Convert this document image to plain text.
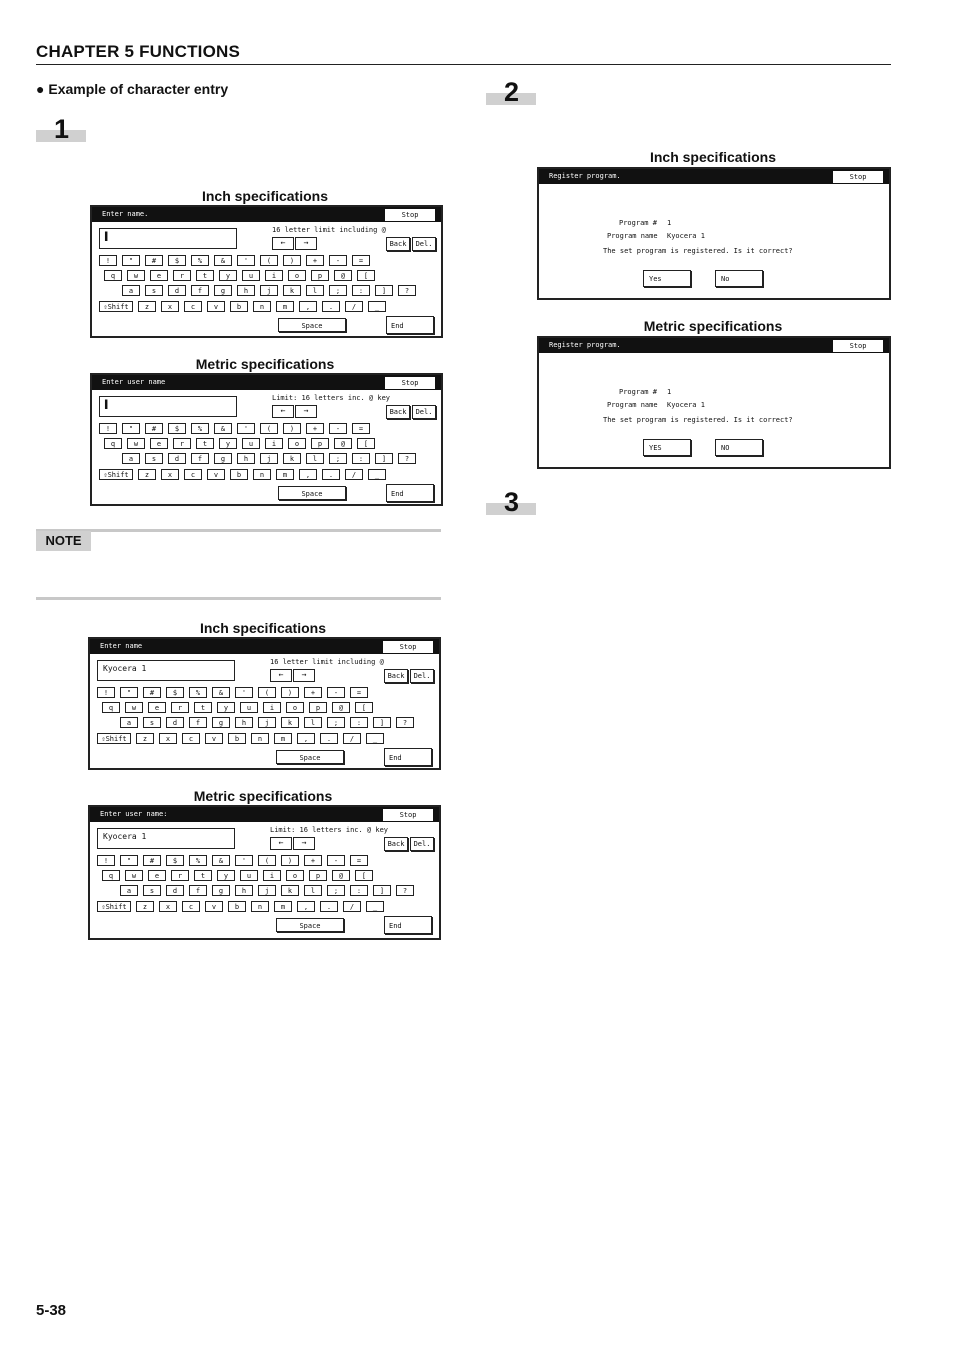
CHAPTER 5 FUNCTIONS
● Example of character entry
1
2
3
Inch specifications
Metric specifications
Inch specifications
Metric specifications
Inch specifications
Metric specifications
NOTE
Enter name.	Stop
▌
16 letter limit including @
←	→	Back	Del.
!	"	#	$	%	&	'	(	)	+	-	=
q	w	e	r	t	y	u	i	o	p	@	[
a	s	d	f	g	h	j	k	l	;	:	]	?
z	x	c	v	b	n	m	,	.	/	_
⇧Shift
Space	End
Enter user name	Stop
▌
Limit: 16 letters inc. @ key
←	→	Back	Del.
!	"	#	$	%	&	'	(	)	+	-	=
q	w	e	r	t	y	u	i	o	p	@	[
a	s	d	f	g	h	j	k	l	;	:	]	?
z	x	c	v	b	n	m	,	.	/	_
⇧Shift
Space	End
Enter name	Stop
Kyocera 1
16 letter limit including @
←	→	Back	Del.
!	"	#	$	%	&	'	(	)	+	-	=
q	w	e	r	t	y	u	i	o	p	@	[
a	s	d	f	g	h	j	k	l	;	:	]	?
z	x	c	v	b	n	m	,	.	/	_
⇧Shift
Space	End
Enter user name:	Stop
Kyocera 1
Limit: 16 letters inc. @ key
←	→	Back	Del.
!	"	#	$	%	&	'	(	)	+	-	=
q	w	e	r	t	y	u	i	o	p	@	[
a	s	d	f	g	h	j	k	l	;	:	]	?
z	x	c	v	b	n	m	,	.	/	_
⇧Shift
Space	End
Register program.	Stop
Program # 1
Program name Kyocera 1
The set program is registered. Is it correct?
Yes	No
Register program.	Stop
Program # 1
Program name Kyocera 1
The set program is registered. Is it correct?
YES	NO
5-38
